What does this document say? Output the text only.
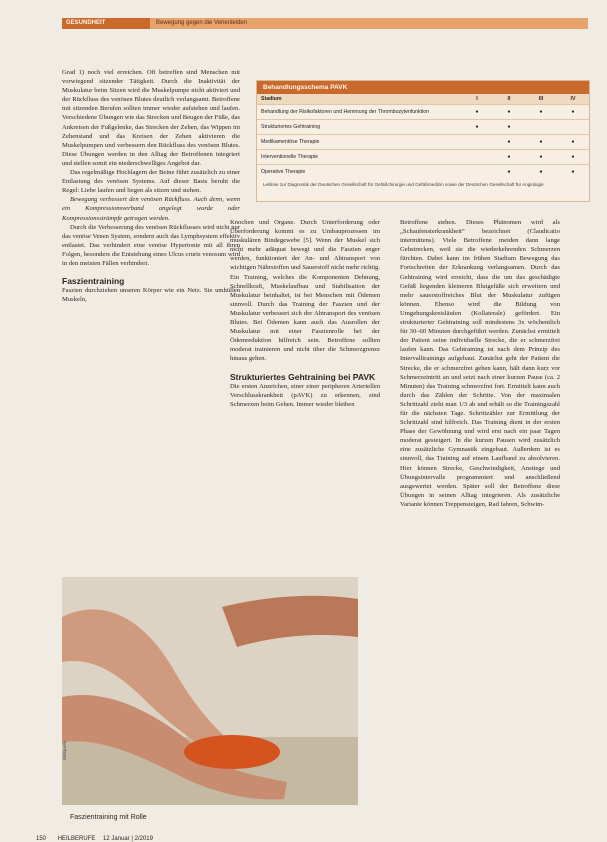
GESUNDHEIT	Bewegung gegen die Venenleiden

Grad 1) noch viel erreichen. Oft betreffen sind Menschen mit vorwiegend sitzender Tätigkeit. Durch die Inaktivität der Muskulatur beim Sitzen wird die Muskelpumpe nicht aktiviert und der Rückfluss des venösen Blutes deutlich verlangsamt. Betroffene mit sitzenden Berufen sollten immer wieder aufstehen und laufen. Verschiedene Übungen wie das Strecken und Beugen der Füße, das Ankreisen der Fußgelenke, das Strecken der Zehen, das Wippen im Zehenstand und das Kreisen der Zehen aktivieren die Muskelpumpen und verbessern den Rückfluss des venösen Blutes. Diese Übungen werden in den Alltag der Betroffenen integriert und stellen somit ein niederschwelliges Angebot dar.

Das regelmäßige Hochlagern der Beine führt zusätzlich zu einer Entlastung des venösen Systems. Auf dieser Basis beruht die Regel: Liebe laufen und liegen als sitzen und stehen.

Bewegung verbessert den venösen Rückfluss. Auch denn, wenn ein Kompressionsverband angelegt wurde oder Kompressionsstrümpfe getragen werden.

Durch die Verbesserung des venösen Rückflusses wird nicht nur das venöse Venen System, sondern auch das Lymphsystem effektiv entlastet. Das verhindert eine venöse Hypertonie mit all ihren Folgen, besonders die Entstehung eines Ulcus cruris venosum wird in den meisten Fällen verhindert.

Faszientraining

Faszien durchziehen unseren Körper wie ein Netz. Sie umhüllen Muskeln,

Behandlungsschema PAVK
Stadium	I	II	III	IV
Behandlung der Risikofaktoren und Hemmung der Thrombozytenfunktion	●	●	●	●
Strukturiertes Gehtraining	●	●		
Medikamentöse Therapie		●	●	●
Interventionelle Therapie		●	●	●
Operative Therapie		●	●	●
Leitlinie zur Diagnostik der Deutschen Gesellschaft für Gefäßchirurgie und Gefäßmedizin sowie der Deutschen Gesellschaft für Angiologie

Knochen und Organe. Durch Unterforderung oder Überforderung kommt es zu Umbauprozessen im muskulären Bindegewebe [5]. Wenn der Muskel sich nicht mehr adäquat bewegt und die Faszien enger werden, funktioniert der An- und Abtransport von wichtigen Nährstoffen und Sauerstoff nicht mehr richtig. Ein Training, welches die Komponenten Dehnung, Schnellkraft, Muskelaufbau und Stabilisation der Muskulatur beinhaltet, ist bei Menschen mit Ödemen sinnvoll. Durch das Training der Faszien und der Muskulatur verbessert sich der Abtransport des venösen Blutes. Bei Ödemen kann auch das Ausrollen der Muskulatur mit einer Faszienrolle bei der Ödemreduktion hilfreich sein. Betroffene sollten moderat trainieren und nicht über die Schmerzgrenze hinaus gehen.

Strukturiertes Gehtraining bei PAVK

Die ersten Anzeichen, einer einer peripheren Arteriellen Verschlusskrankheit (pAVK) zu erkennen, sind Schmerzen beim Gehen. Immer wieder bleiben

Betroffene stehen. Dieses Phänomen wird als „Schaufensterkrankheit“ bezeichnet (Claudicatio intermittens). Viele Betroffene meiden dann lange Gehstrecken, weil sie die wiederkehrenden Schmerzen fürchten. Dabei kann im frühen Stadium Bewegung das Fortschreiten der Erkrankung verlangsamen. Durch das Gehtraining wird erreicht, dass die um das geschädigte Gefäß liegenden kleineren Blutgefäße sich erweitern und mehr sauerstoffreiches Blut der Muskulatur zufügen können. Ebenso wird die Bildung von Umgehungskreisläufen (Kollaterale) gefördert. Ein strukturierter Gehtraining soll mindestens 3x wöchentlich für 30–60 Minuten durchgeführt werden. Zunächst ermittelt der Patient seine individuelle Strecke, die er schmerzfrei laufen kann. Das Gehtraining ist nach dem Prinzip des Intervalltrainings aufgebaut. Zunächst geht der Patient die Strecke, die er schmerzfrei gehen kann, hält dann kurz vor Schmerzeintritt an und setzt nach einer kurzen Pause (ca. 2 Minuten) das Training schmerzfrei fort. Ermittelt kann auch durch das Zählen der Schritte. Von der maximalen Schrittzahl zieht man 1/3 ab und erhält so die Trainingszahl für die nächsten Tage. Schrittzähler zur Ermittlung der Schrittzahl sind hilfreich. Das Training dient in der ersten Phase der Gewöhnung und wird erst nach ein paar Tagen moderat gesteigert. In die kurzen Pausen wird zusätzlich eine zusätzliche Gymnastik eingebaut. Außerdem ist es sinnvoll, das Training auf einem Laufband zu absolvieren. Hier können Strecke, Geschwindigkeit, Anstiege und Übungsintervalle programmiert und anschließend ausgewertet werden. Später soll der Betroffene diese Übungen in seinen Alltag integrieren. Als zusätzliche Variante können Treppensteigen, Rad fahren, Schwim-

Bildquelle
Faszientraining mit Rolle
150 HEILBERUFE 12 Januar | 2/2019
